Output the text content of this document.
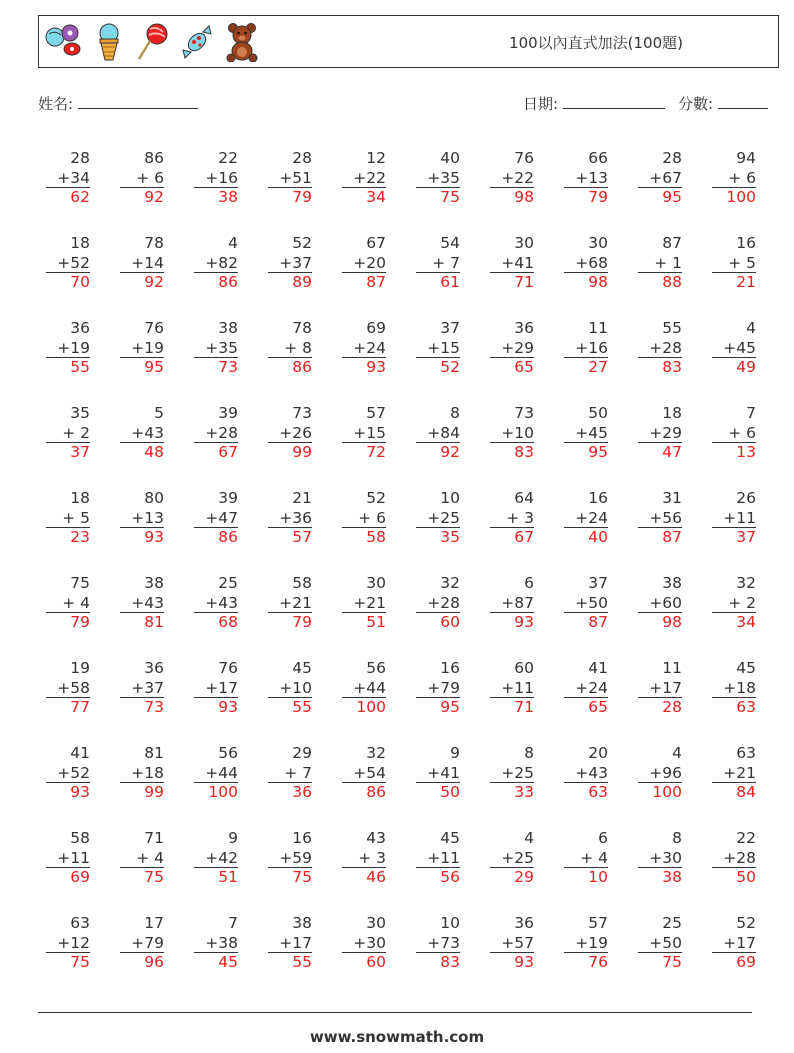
100以內直式加法(100題)
姓名:	日期:	分數:
28
+34
62
86
+ 6
92
22
+16
38
28
+51
79
12
+22
34
40
+35
75
76
+22
98
66
+13
79
28
+67
95
94
+ 6
100
18
+52
70
78
+14
92
4
+82
86
52
+37
89
67
+20
87
54
+ 7
61
30
+41
71
30
+68
98
87
+ 1
88
16
+ 5
21
36
+19
55
76
+19
95
38
+35
73
78
+ 8
86
69
+24
93
37
+15
52
36
+29
65
11
+16
27
55
+28
83
4
+45
49
35
+ 2
37
5
+43
48
39
+28
67
73
+26
99
57
+15
72
8
+84
92
73
+10
83
50
+45
95
18
+29
47
7
+ 6
13
18
+ 5
23
80
+13
93
39
+47
86
21
+36
57
52
+ 6
58
10
+25
35
64
+ 3
67
16
+24
40
31
+56
87
26
+11
37
75
+ 4
79
38
+43
81
25
+43
68
58
+21
79
30
+21
51
32
+28
60
6
+87
93
37
+50
87
38
+60
98
32
+ 2
34
19
+58
77
36
+37
73
76
+17
93
45
+10
55
56
+44
100
16
+79
95
60
+11
71
41
+24
65
11
+17
28
45
+18
63
41
+52
93
81
+18
99
56
+44
100
29
+ 7
36
32
+54
86
9
+41
50
8
+25
33
20
+43
63
4
+96
100
63
+21
84
58
+11
69
71
+ 4
75
9
+42
51
16
+59
75
43
+ 3
46
45
+11
56
4
+25
29
6
+ 4
10
8
+30
38
22
+28
50
63
+12
75
17
+79
96
7
+38
45
38
+17
55
30
+30
60
10
+73
83
36
+57
93
57
+19
76
25
+50
75
52
+17
69
www.snowmath.com
